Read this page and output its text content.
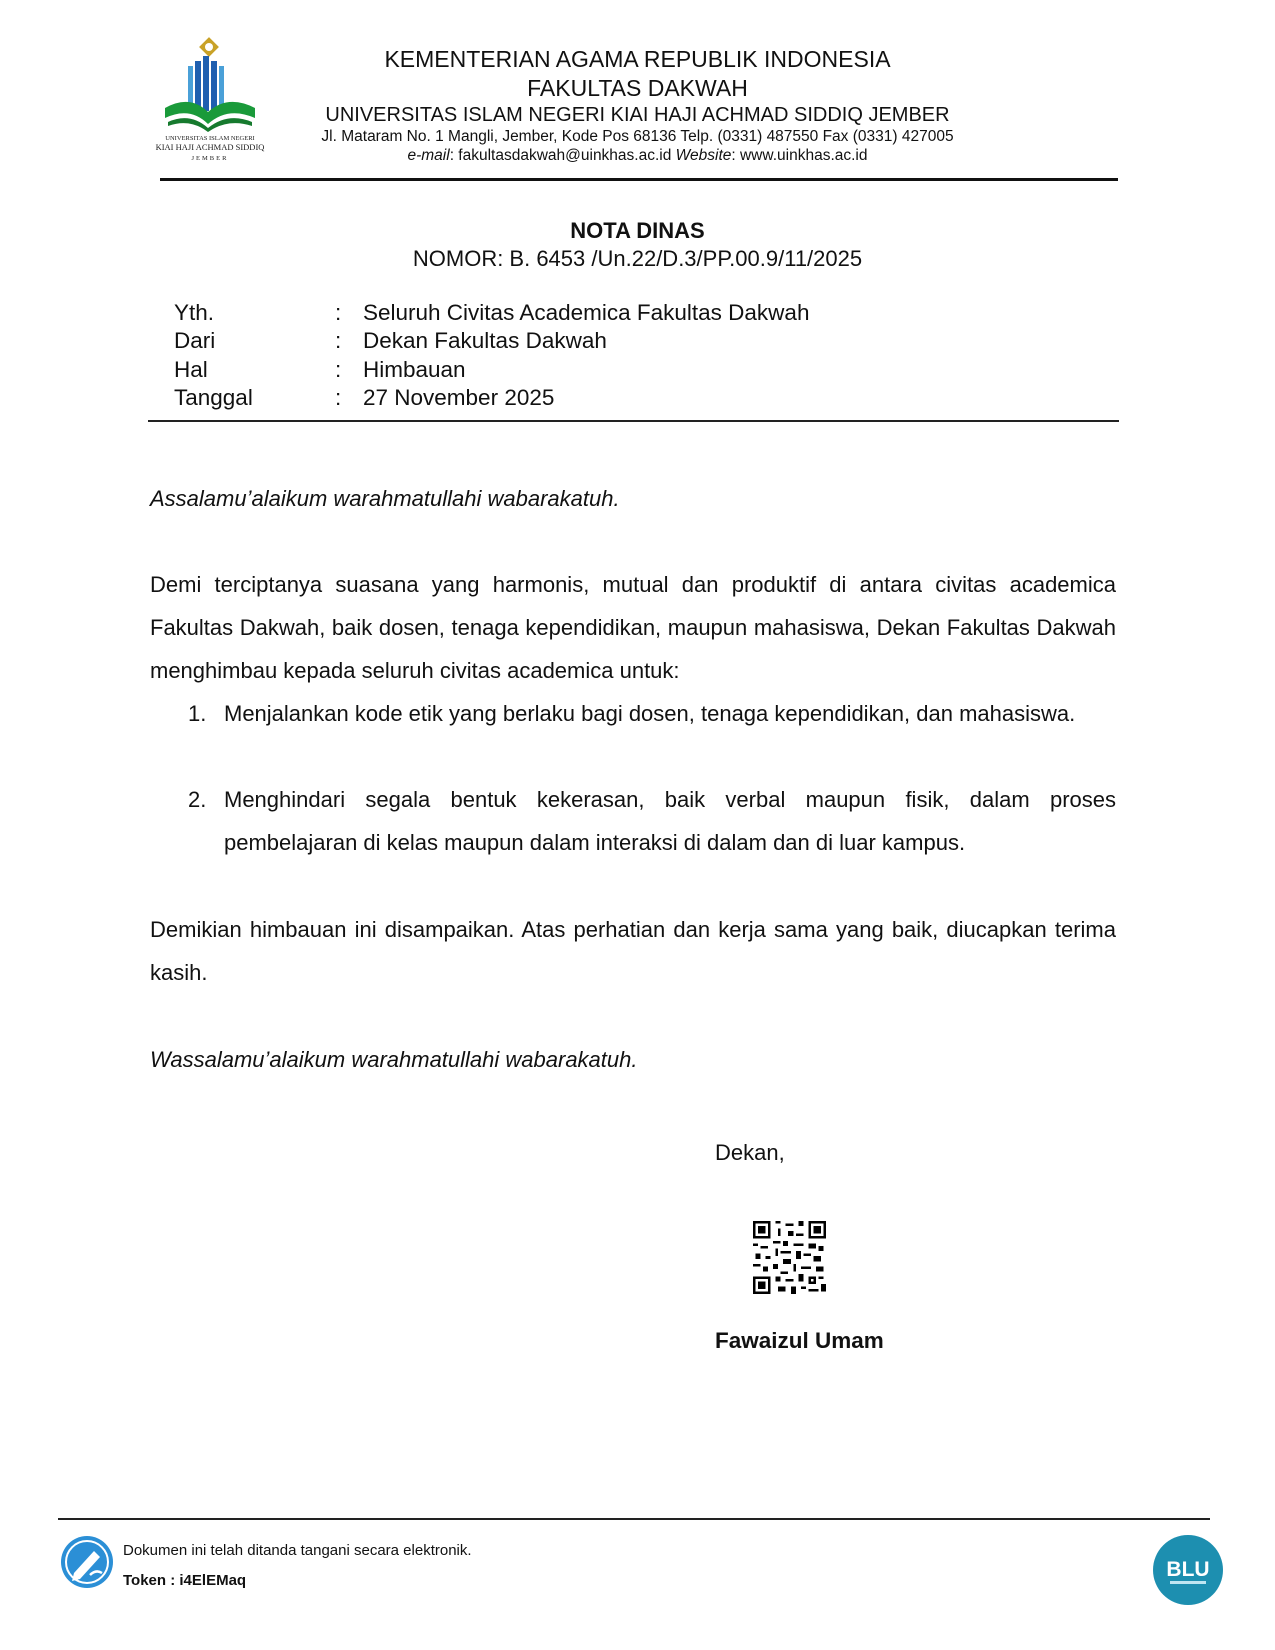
UNIVERSITAS ISLAM NEGERI
KIAI HAJI ACHMAD SIDDIQ
JEMBER
KEMENTERIAN AGAMA REPUBLIK INDONESIA
FAKULTAS DAKWAH
UNIVERSITAS ISLAM NEGERI KIAI HAJI ACHMAD SIDDIQ JEMBER
Jl. Mataram No. 1 Mangli, Jember, Kode Pos 68136 Telp. (0331) 487550 Fax (0331) 427005
e-mail: fakultasdakwah@uinkhas.ac.id Website: www.uinkhas.ac.id
NOTA DINAS
NOMOR: B. 6453 /Un.22/D.3/PP.00.9/11/2025
Yth.	: Seluruh Civitas Academica Fakultas Dakwah
Dari	: Dekan Fakultas Dakwah
Hal	: Himbauan
Tanggal	: 27 November 2025
Assalamu’alaikum warahmatullahi wabarakatuh.
Demi terciptanya suasana yang harmonis, mutual dan produktif di antara civitas academica Fakultas Dakwah, baik dosen, tenaga kependidikan, maupun mahasiswa, Dekan Fakultas Dakwah menghimbau kepada seluruh civitas academica untuk:
1. Menjalankan kode etik yang berlaku bagi dosen, tenaga kependidikan, dan mahasiswa.
2. Menghindari segala bentuk kekerasan, baik verbal maupun fisik, dalam proses pembelajaran di kelas maupun dalam interaksi di dalam dan di luar kampus.
Demikian himbauan ini disampaikan. Atas perhatian dan kerja sama yang baik, diucapkan terima kasih.
Wassalamu’alaikum warahmatullahi wabarakatuh.
Dekan,
Fawaizul Umam
Dokumen ini telah ditanda tangani secara elektronik.
Token : i4ElEMaq	BLU
